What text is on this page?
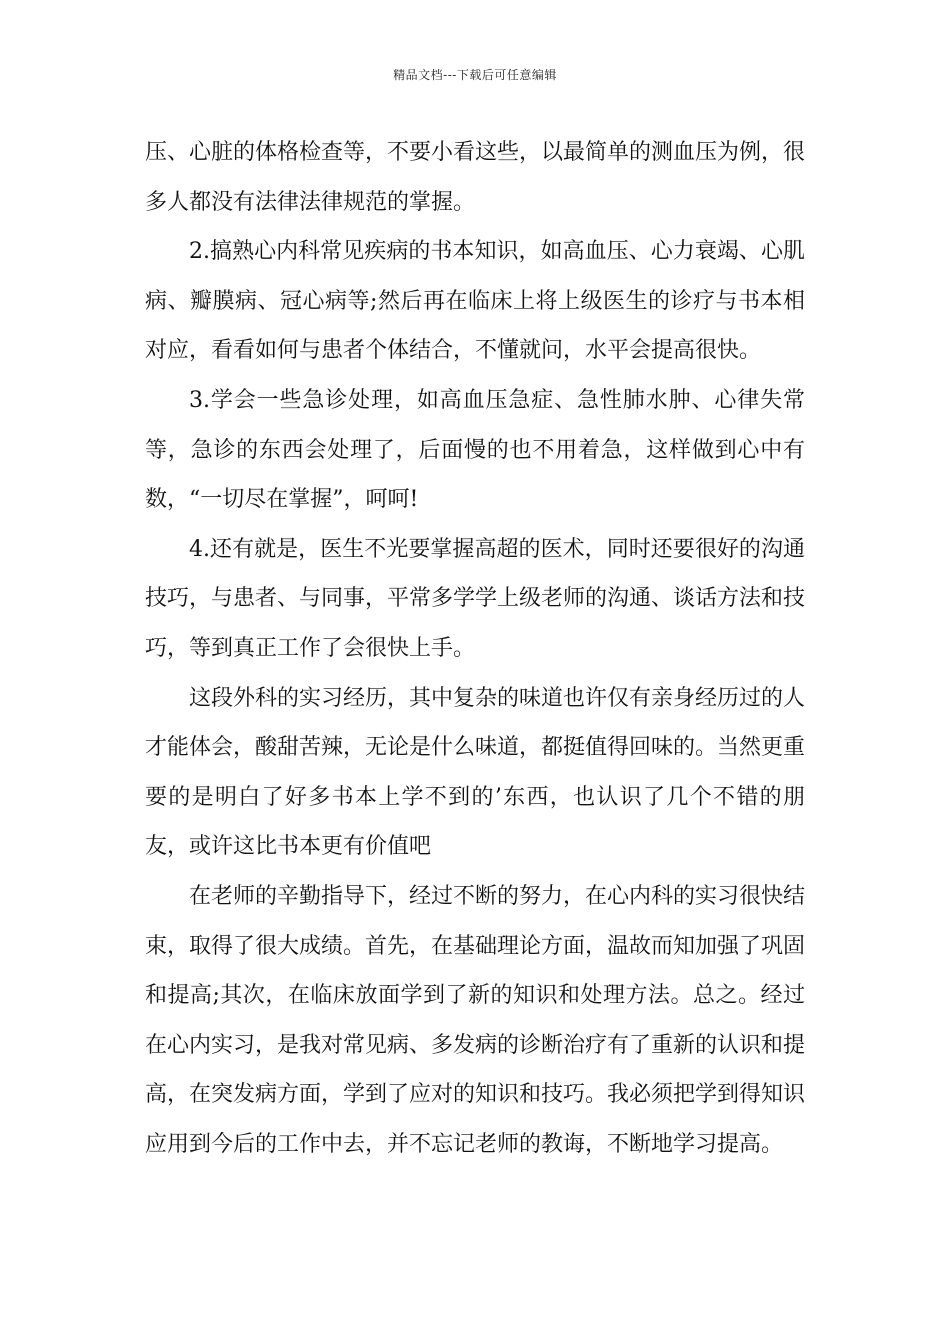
精品文档---下载后可任意编辑

压、心脏的体格检查等，不要小看这些，以最简单的测血压为例，很多人都没有法律法律规范的掌握。

2.搞熟心内科常见疾病的书本知识，如高血压、心力衰竭、心肌病、瓣膜病、冠心病等;然后再在临床上将上级医生的诊疗与书本相对应，看看如何与患者个体结合，不懂就问，水平会提高很快。

3.学会一些急诊处理，如高血压急症、急性肺水肿、心律失常等，急诊的东西会处理了，后面慢的也不用着急，这样做到心中有数，“一切尽在掌握”，呵呵!

4.还有就是，医生不光要掌握高超的医术，同时还要很好的沟通技巧，与患者、与同事，平常多学学上级老师的沟通、谈话方法和技巧，等到真正工作了会很快上手。

这段外科的实习经历，其中复杂的味道也许仅有亲身经历过的人才能体会，酸甜苦辣，无论是什么味道，都挺值得回味的。当然更重要的是明白了好多书本上学不到的’东西，也认识了几个不错的朋友，或许这比书本更有价值吧

在老师的辛勤指导下，经过不断的努力，在心内科的实习很快结束，取得了很大成绩。首先，在基础理论方面，温故而知加强了巩固和提高;其次，在临床放面学到了新的知识和处理方法。总之。经过在心内实习，是我对常见病、多发病的诊断治疗有了重新的认识和提高，在突发病方面，学到了应对的知识和技巧。我必须把学到得知识应用到今后的工作中去，并不忘记老师的教诲，不断地学习提高。
